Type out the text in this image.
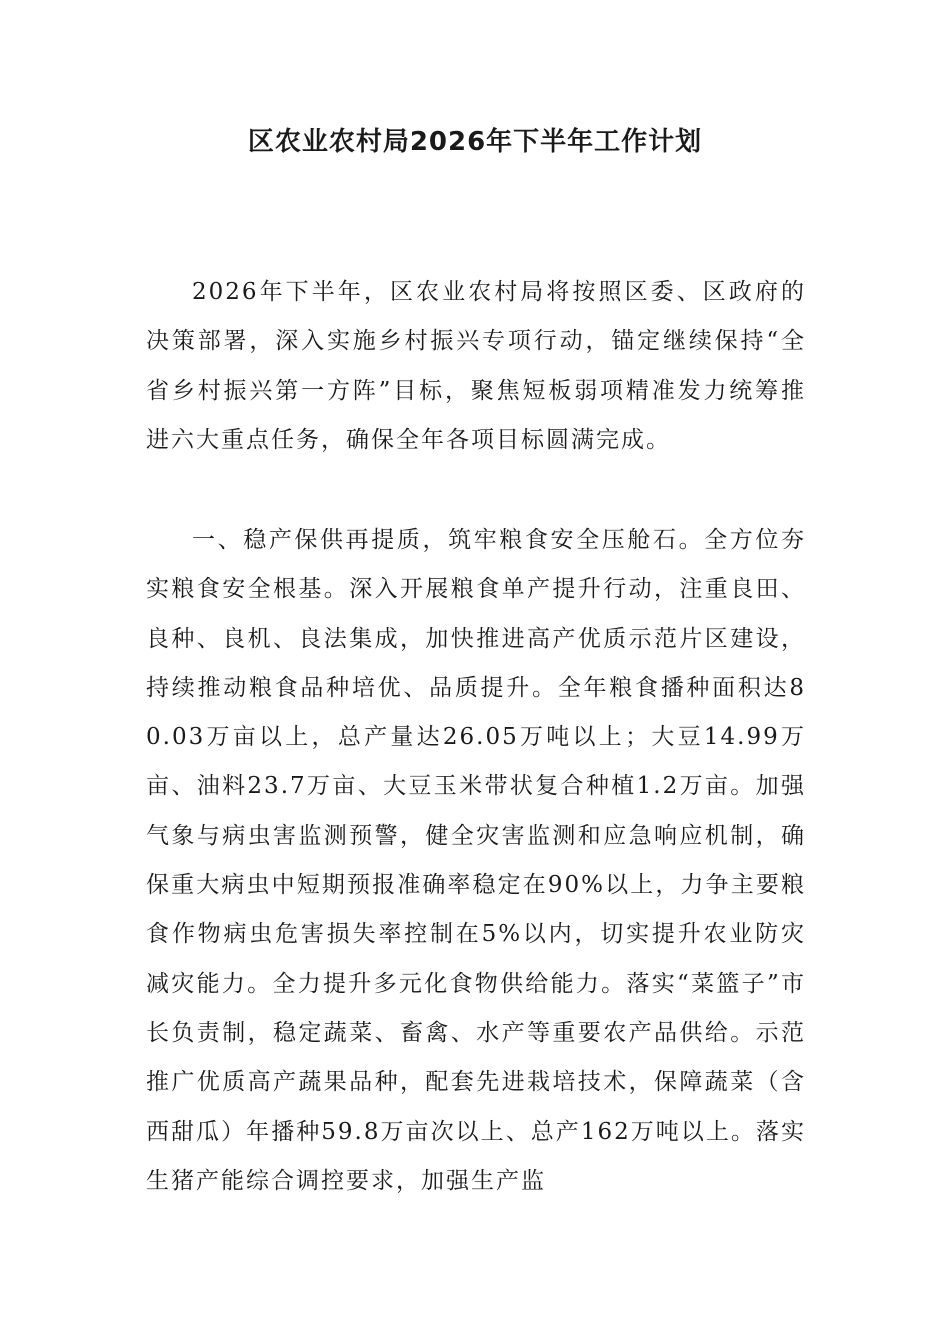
区农业农村局2026年下半年工作计划

2026年下半年，区农业农村局将按照区委、区政府的决策部署，深入实施乡村振兴专项行动，锚定继续保持“全省乡村振兴第一方阵”目标，聚焦短板弱项精准发力统筹推进六大重点任务，确保全年各项目标圆满完成。

一、稳产保供再提质，筑牢粮食安全压舱石。全方位夯实粮食安全根基。深入开展粮食单产提升行动，注重良田、良种、良机、良法集成，加快推进高产优质示范片区建设，持续推动粮食品种培优、品质提升。全年粮食播种面积达80.03万亩以上，总产量达26.05万吨以上；大豆14.99万亩、油料23.7万亩、大豆玉米带状复合种植1.2万亩。加强气象与病虫害监测预警，健全灾害监测和应急响应机制，确保重大病虫中短期预报准确率稳定在90%以上，力争主要粮食作物病虫危害损失率控制在5%以内，切实提升农业防灾减灾能力。全力提升多元化食物供给能力。落实“菜篮子”市长负责制，稳定蔬菜、畜禽、水产等重要农产品供给。示范推广优质高产蔬果品种，配套先进栽培技术，保障蔬菜（含西甜瓜）年播种59.8万亩次以上、总产162万吨以上。落实生猪产能综合调控要求，加强生产监
